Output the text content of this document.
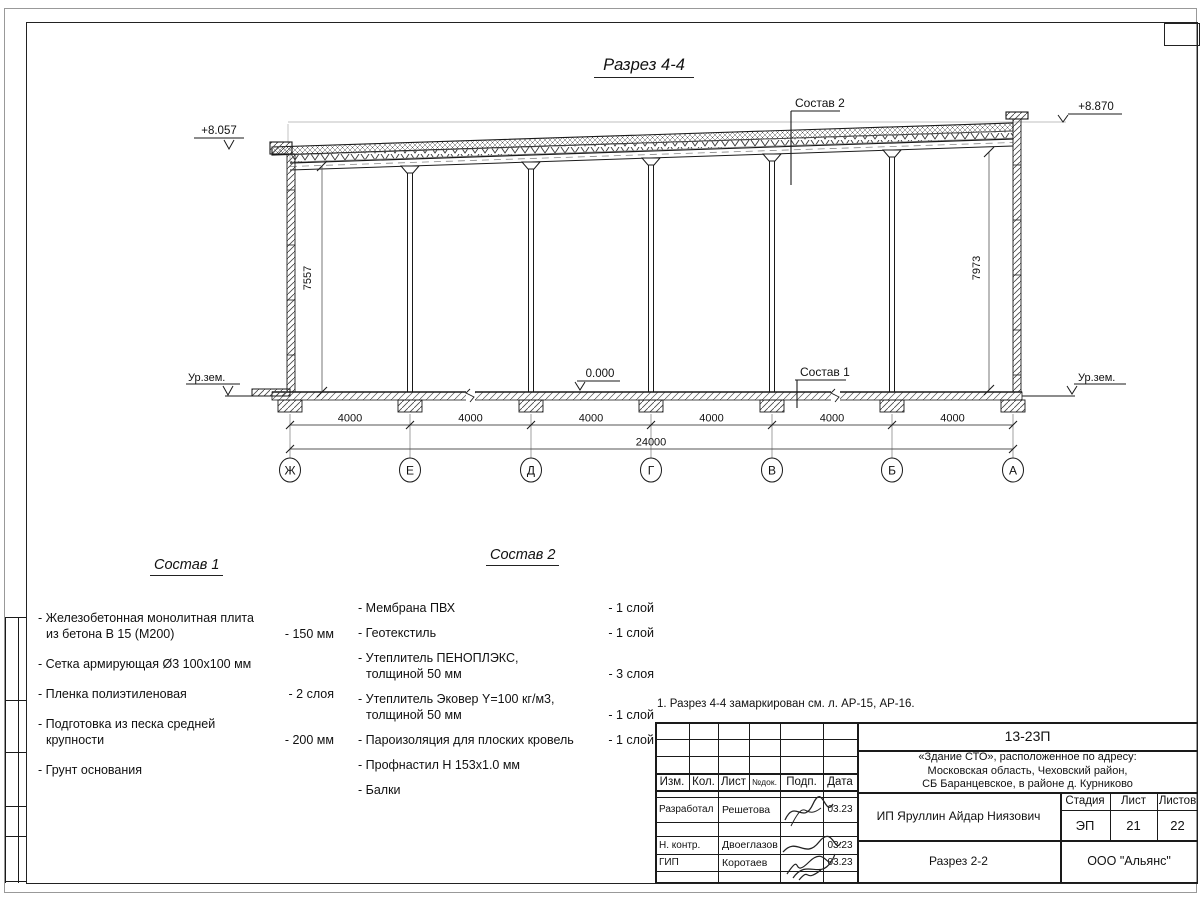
Разрез 4-4
7557	7973
+8.057
+8.870
0.000
Ур.зем.	Ур.зем.
Состав 2
Состав 1
4000	4000	4000	4000	4000	4000
24000
Ж	Е	Д	Г	В	Б	А
Состав 1
- Железобетонная монолитная плита
из бетона В 15 (М200)	- 150 мм
- Сетка армирующая Ø3 100х100 мм
- Пленка полиэтиленовая	- 2 слоя
- Подготовка из песка средней
крупности	- 200 мм
- Грунт основания
Состав 2
- Мембрана ПВХ	- 1 слой
- Геотекстиль	- 1 слой
- Утеплитель ПЕНОПЛЭКС,
толщиной 50 мм	- 3 слоя
- Утеплитель Эковер Y=100 кг/м3,
толщиной 50 мм	- 1 слой
- Пароизоляция для плоских кровель	- 1 слой
- Профнастил Н 153x1.0 мм
- Балки
1. Разрез 4-4 замаркирован см. л. АР-15, АР-16.
Изм. Кол. Лист №док. Подп. Дата
Разработал Решетова	03.23
Н. контр.	Двоеглазов	03.23
ГИП	Коротаев	03.23
13-23П
«Здание СТО», расположенное по адресу:
Московская область, Чеховский район,
СБ Баранцевское, в районе д. Курниково
ИП Яруллин Айдар Ниязович
Стадия	Лист	Листов
ЭП	21	22
Разрез 2-2	ООО "Альянс"
